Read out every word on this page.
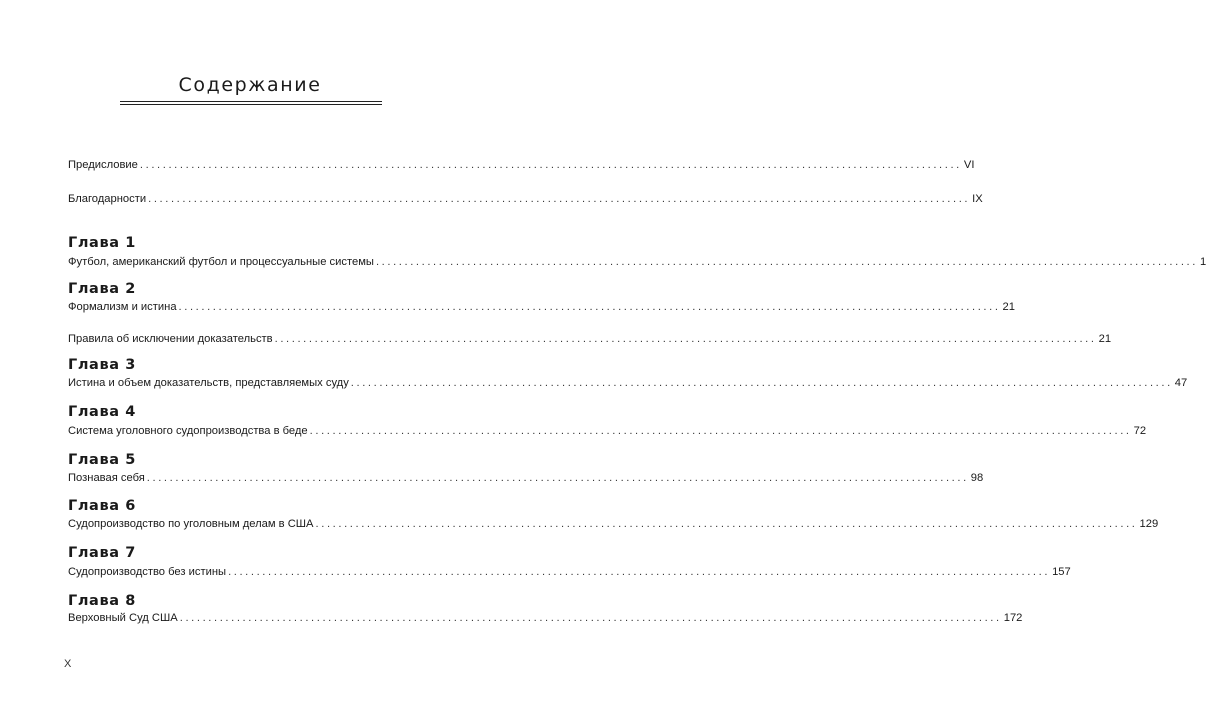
Содержание
Предисловие ................................................................................................................................................ VI
Благодарности ................................................................................................................................................ IX
Глава 1
Футбол, американский футбол и процессуальные системы ................................................................................................................................................ 1
Глава 2
Формализм и истина ................................................................................................................................................ 21
Правила об исключении доказательств ................................................................................................................................................ 21
Глава 3
Истина и объем доказательств, представляемых суду ................................................................................................................................................ 47
Глава 4
Система уголовного судопроизводства в беде ................................................................................................................................................ 72
Глава 5
Познавая себя ................................................................................................................................................ 98
Глава 6
Судопроизводство по уголовным делам в США ................................................................................................................................................ 129
Глава 7
Судопроизводство без истины ................................................................................................................................................ 157
Глава 8
Верховный Суд США ................................................................................................................................................ 172
X
